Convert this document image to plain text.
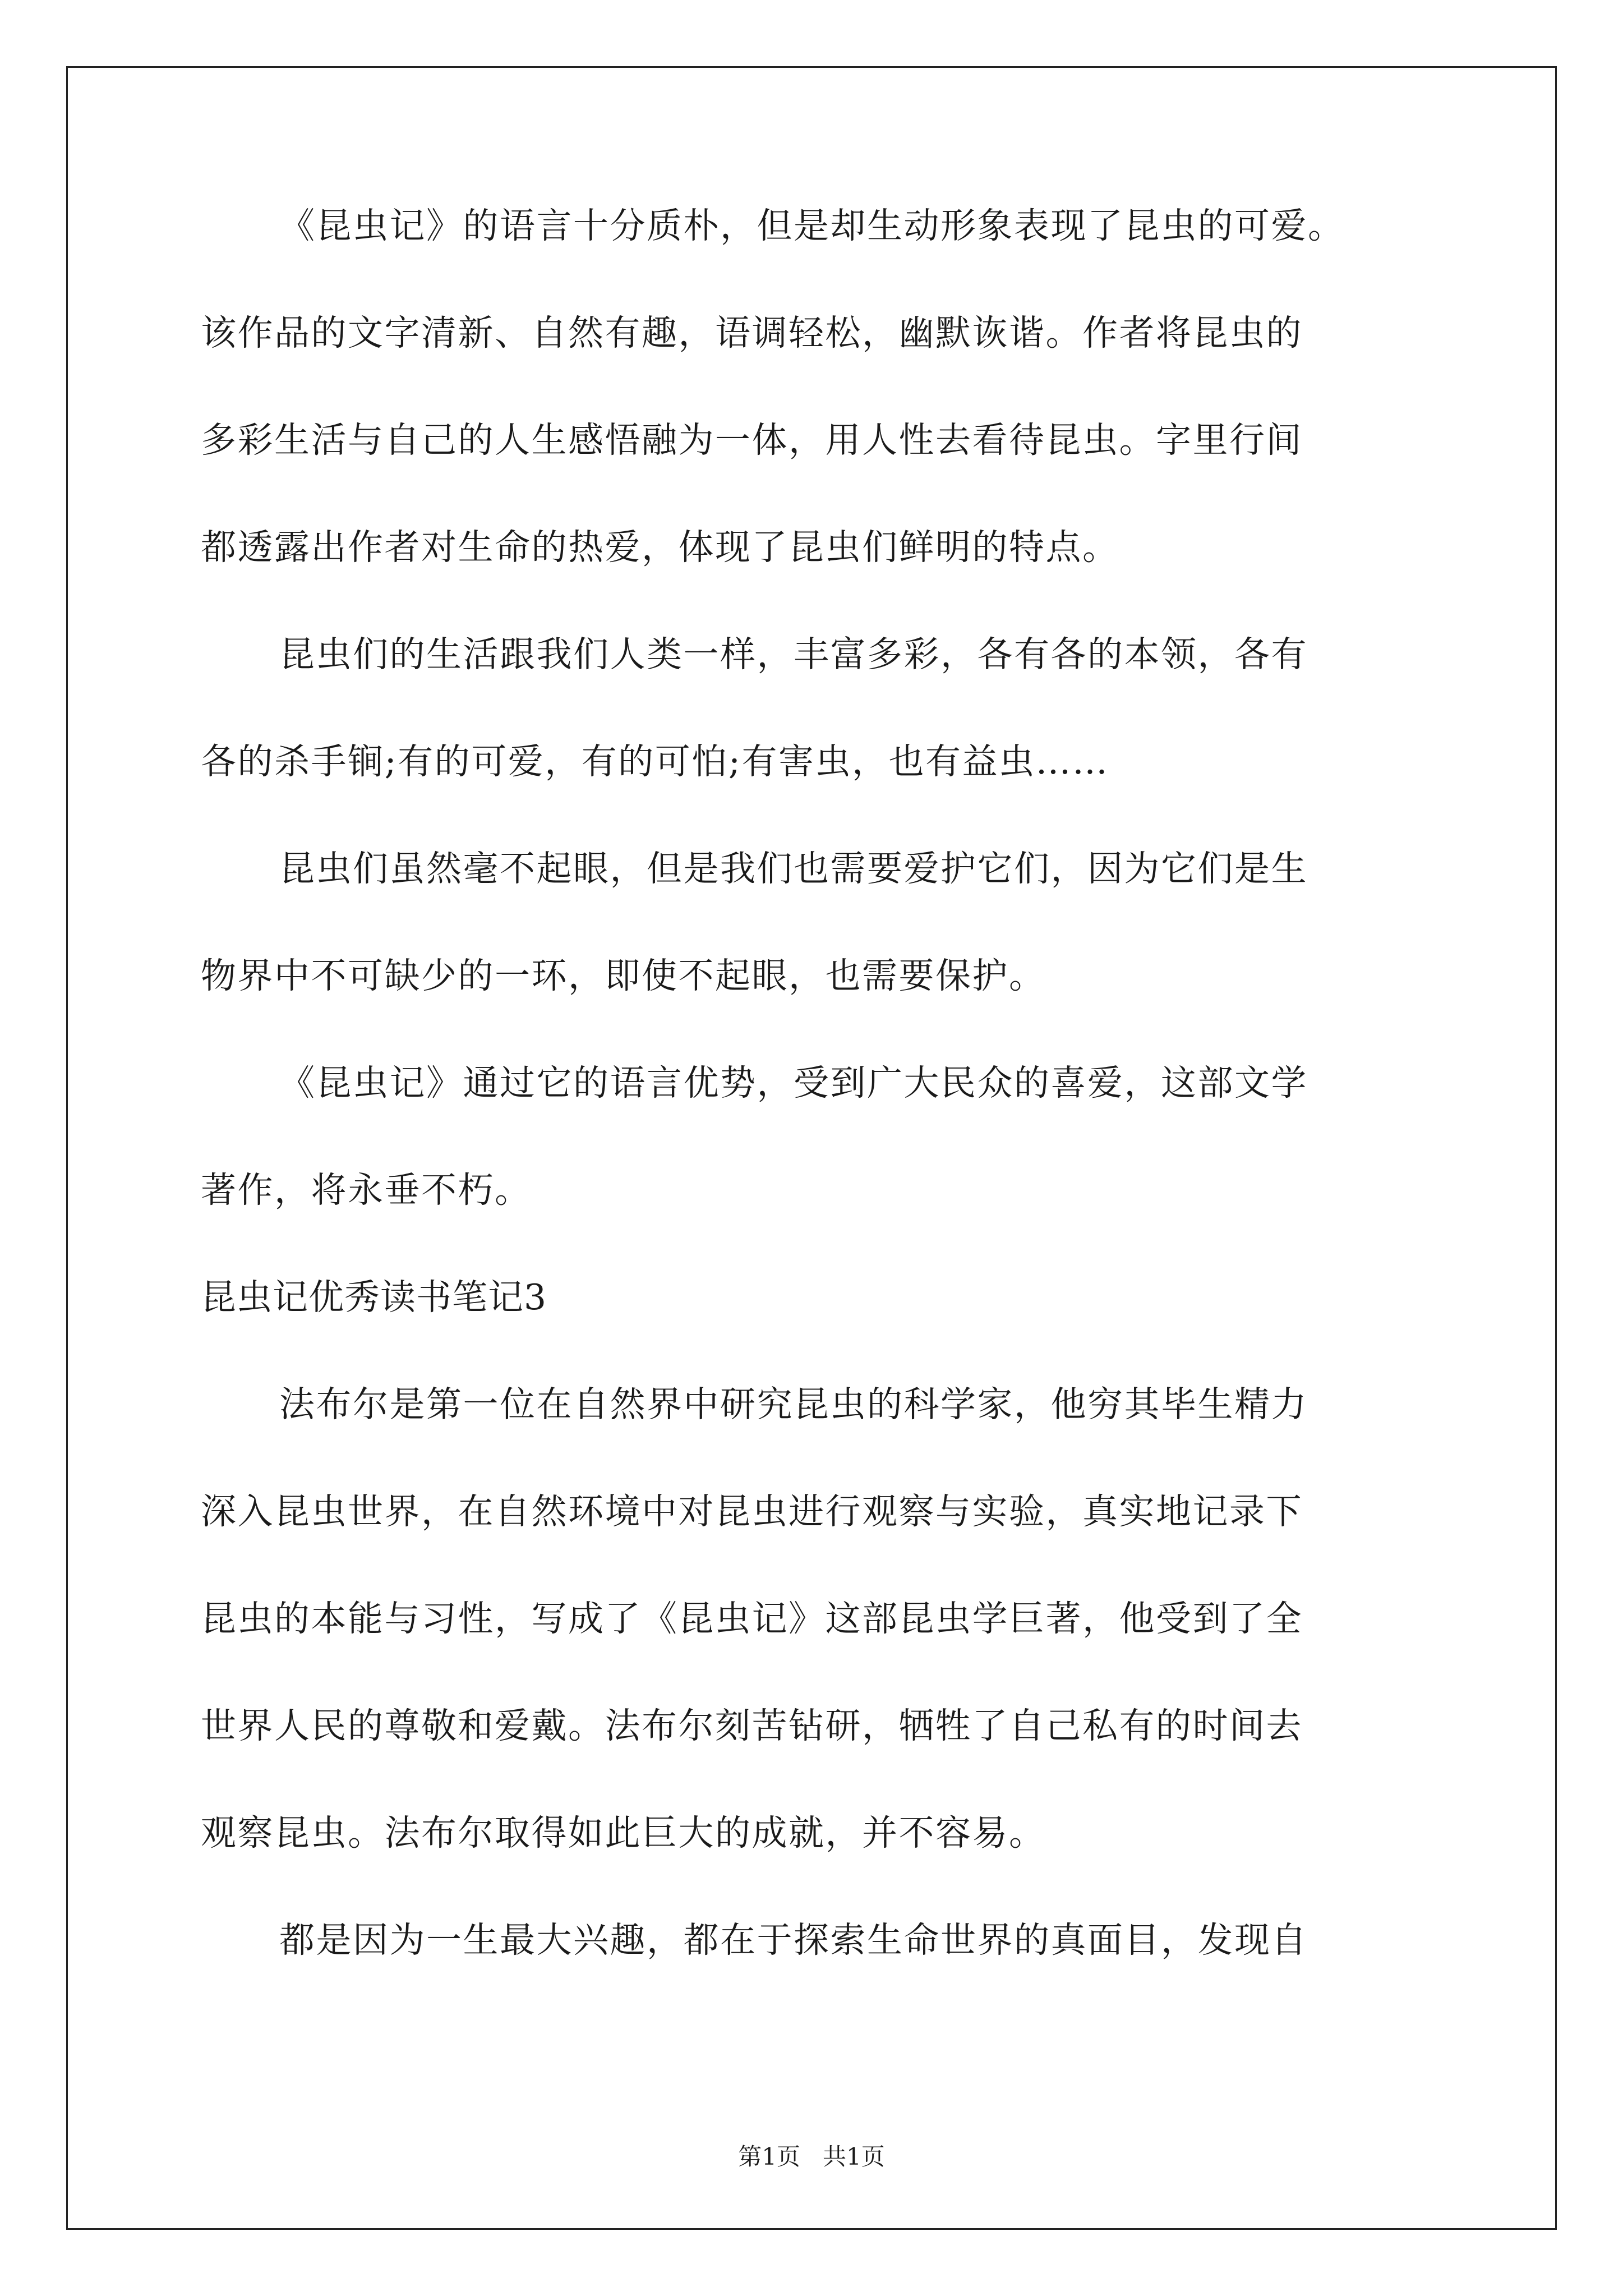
《昆虫记》的语言十分质朴，但是却生动形象表现了昆虫的可爱。
该作品的文字清新、自然有趣，语调轻松，幽默诙谐。作者将昆虫的
多彩生活与自己的人生感悟融为一体，用人性去看待昆虫。字里行间
都透露出作者对生命的热爱，体现了昆虫们鲜明的特点。
昆虫们的生活跟我们人类一样，丰富多彩，各有各的本领，各有
各的杀手锏;有的可爱，有的可怕;有害虫，也有益虫……
昆虫们虽然毫不起眼，但是我们也需要爱护它们，因为它们是生
物界中不可缺少的一环，即使不起眼，也需要保护。
《昆虫记》通过它的语言优势，受到广大民众的喜爱，这部文学
著作，将永垂不朽。
昆虫记优秀读书笔记3
法布尔是第一位在自然界中研究昆虫的科学家，他穷其毕生精力
深入昆虫世界，在自然环境中对昆虫进行观察与实验，真实地记录下
昆虫的本能与习性，写成了《昆虫记》这部昆虫学巨著，他受到了全
世界人民的尊敬和爱戴。法布尔刻苦钻研，牺牲了自己私有的时间去
观察昆虫。法布尔取得如此巨大的成就，并不容易。
都是因为一生最大兴趣，都在于探索生命世界的真面目，发现自
第1页 共1页
